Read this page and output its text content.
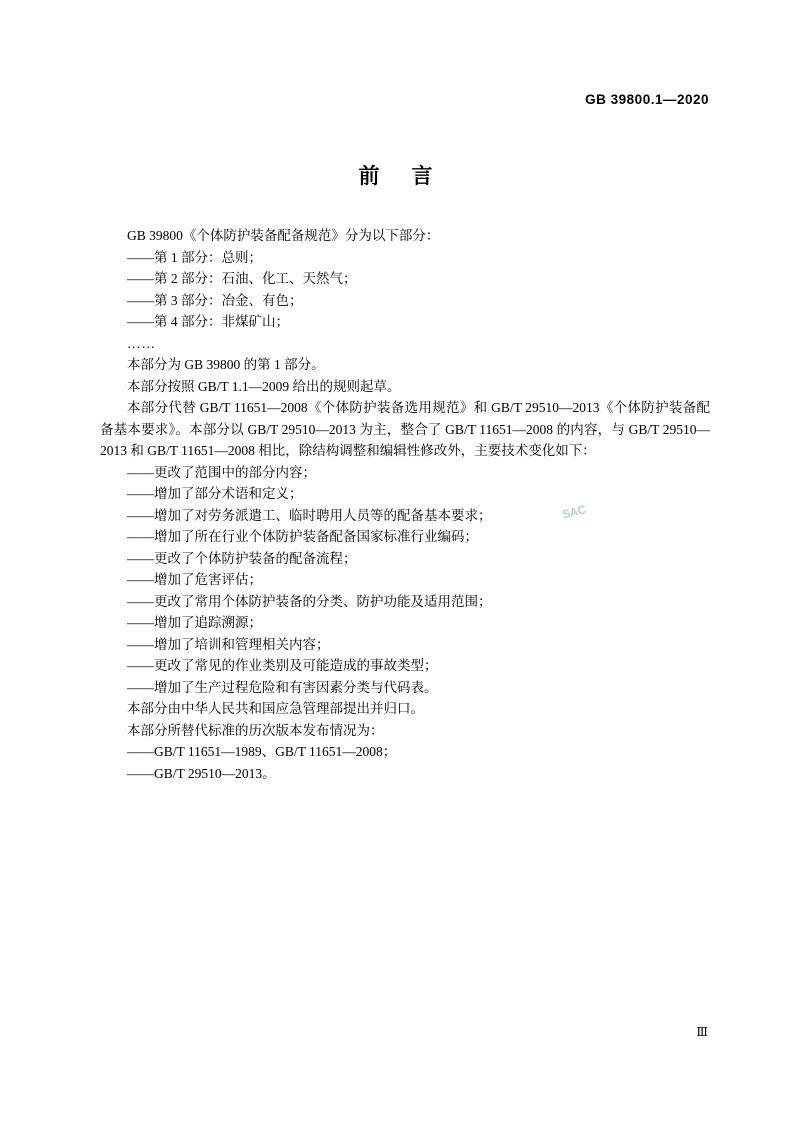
GB 39800.1—2020
前 言

GB 39800《个体防护装备配备规范》分为以下部分：

——第 1 部分：总则；

——第 2 部分：石油、化工、天然气；

——第 3 部分：冶金、有色；

——第 4 部分：非煤矿山；

……

本部分为 GB 39800 的第 1 部分。

本部分按照 GB/T 1.1—2009 给出的规则起草。

本部分代替 GB/T 11651—2008《个体防护装备选用规范》和 GB/T 29510—2013《个体防护装备配备基本要求》。本部分以 GB/T 29510—2013 为主，整合了 GB/T 11651—2008 的内容，与 GB/T 29510—2013 和 GB/T 11651—2008 相比，除结构调整和编辑性修改外，主要技术变化如下：

——更改了范围中的部分内容；

——增加了部分术语和定义；

——增加了对劳务派遣工、临时聘用人员等的配备基本要求；

——增加了所在行业个体防护装备配备国家标准行业编码；

——更改了个体防护装备的配备流程；

——增加了危害评估；

——更改了常用个体防护装备的分类、防护功能及适用范围；

——增加了追踪溯源；

——增加了培训和管理相关内容；

——更改了常见的作业类别及可能造成的事故类型；

——增加了生产过程危险和有害因素分类与代码表。

本部分由中华人民共和国应急管理部提出并归口。

本部分所替代标准的历次版本发布情况为：

——GB/T 11651—1989、GB/T 11651—2008；

——GB/T 29510—2013。

SAC
Ⅲ
